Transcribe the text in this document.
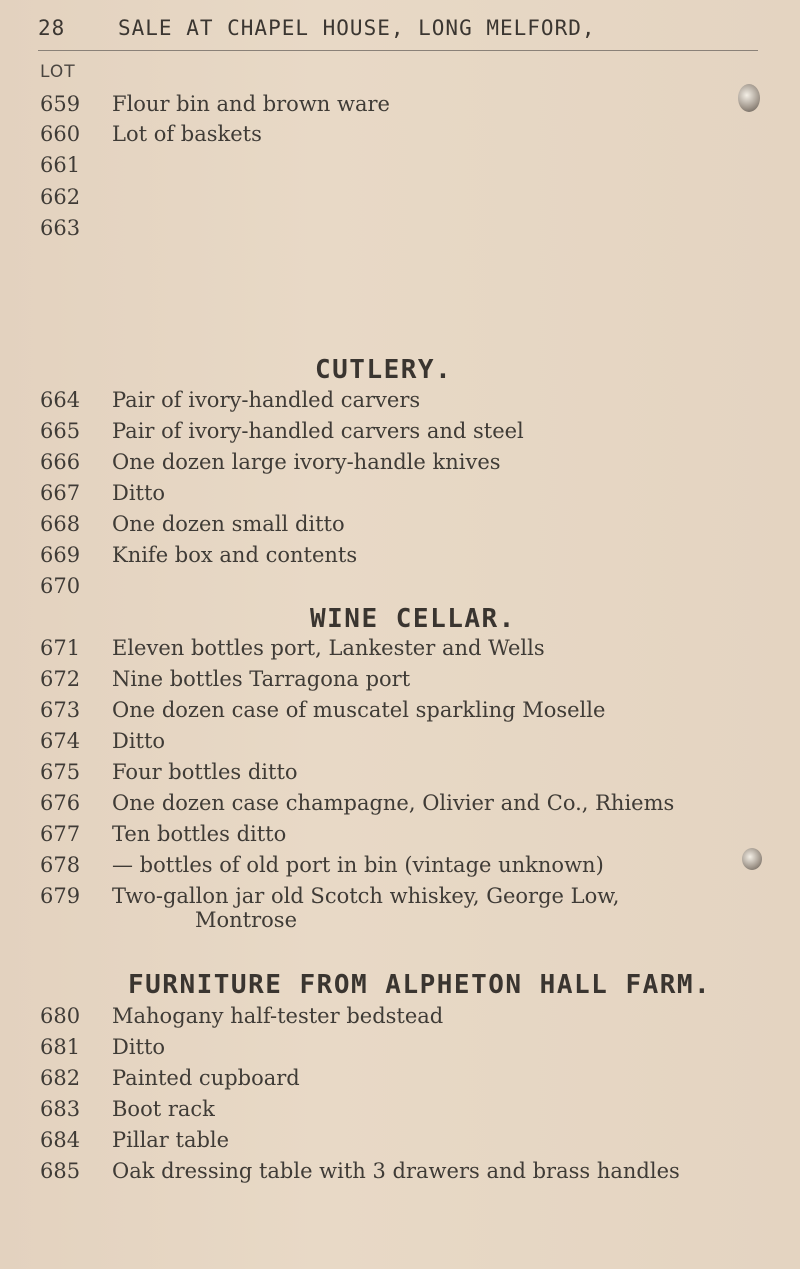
28	SALE AT CHAPEL HOUSE, LONG MELFORD,
LOT
659	Flour bin and brown ware
660	Lot of baskets
661
662
663
CUTLERY.
664	Pair of ivory-handled carvers
665	Pair of ivory-handled carvers and steel
666	One dozen large ivory-handle knives
667	Ditto
668	One dozen small ditto
669	Knife box and contents
670
WINE CELLAR.
671	Eleven bottles port, Lankester and Wells
672	Nine bottles Tarragona port
673	One dozen case of muscatel sparkling Moselle
674	Ditto
675	Four bottles ditto
676	One dozen case champagne, Olivier and Co., Rhiems
677	Ten bottles ditto
678	— bottles of old port in bin (vintage unknown)
679	Two-gallon jar old Scotch whiskey, George Low,
Montrose
FURNITURE FROM ALPHETON HALL FARM.
680	Mahogany half-tester bedstead
681	Ditto
682	Painted cupboard
683	Boot rack
684	Pillar table
685	Oak dressing table with 3 drawers and brass handles
